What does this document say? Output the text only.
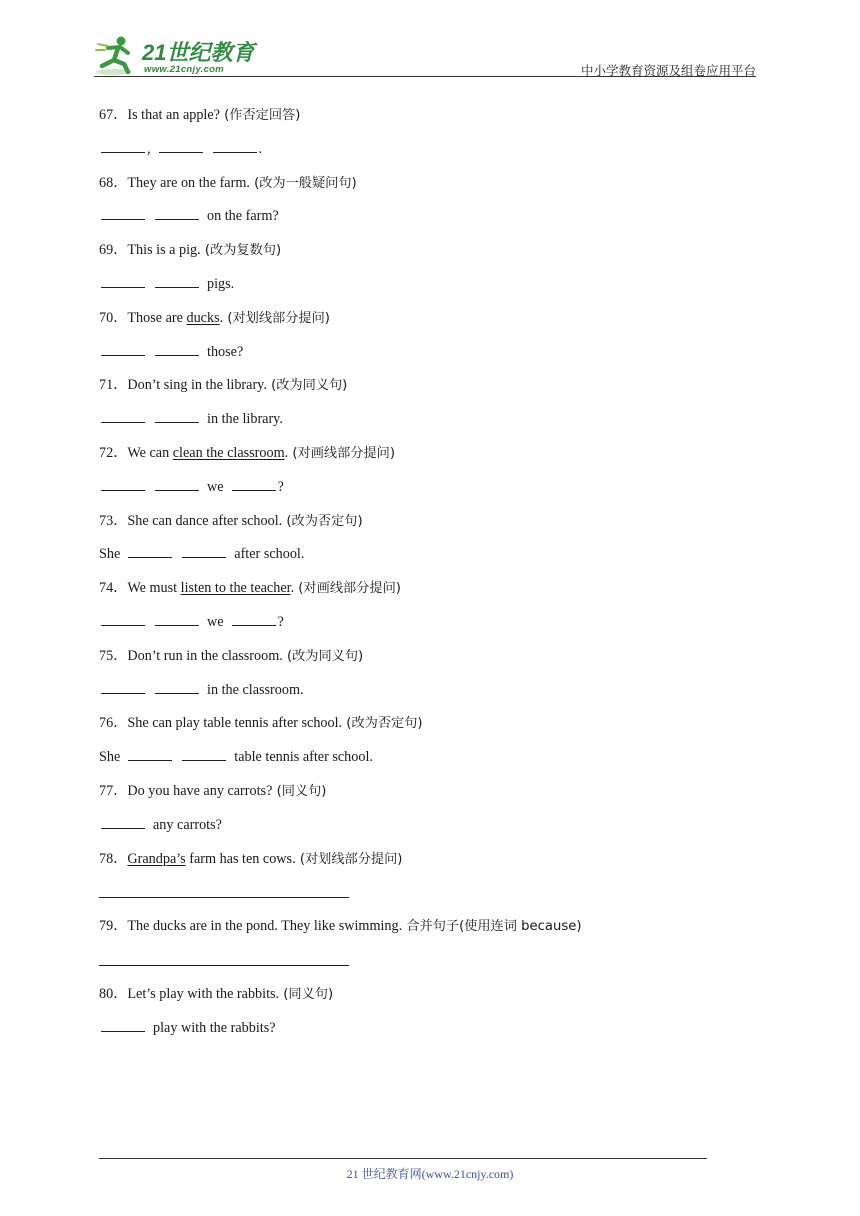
21世纪教育
www.21cnjy.com	中小学教育资源及组卷应用平台
67．Is that an apple? (作否定回答)
,	.
68．They are on the farm. (改为一般疑问句)
on the farm?
69．This is a pig. (改为复数句)
pigs.
70．Those are ducks. (对划线部分提问)
those?
71．Don’t sing in the library. (改为同义句)
in the library.
72．We can clean the classroom. (对画线部分提问)
we	?
73．She can dance after school. (改为否定句)
She	after school.
74．We must listen to the teacher. (对画线部分提问)
we	?
75．Don’t run in the classroom. (改为同义句)
in the classroom.
76．She can play table tennis after school. (改为否定句)
She	table tennis after school.
77．Do you have any carrots? (同义句)
any carrots?
78．Grandpa’s farm has ten cows. (对划线部分提问)
79．The ducks are in the pond. They like swimming. 合并句子(使用连词 because)
80．Let’s play with the rabbits. (同义句)
play with the rabbits?
21 世纪教育网(www.21cnjy.com)
